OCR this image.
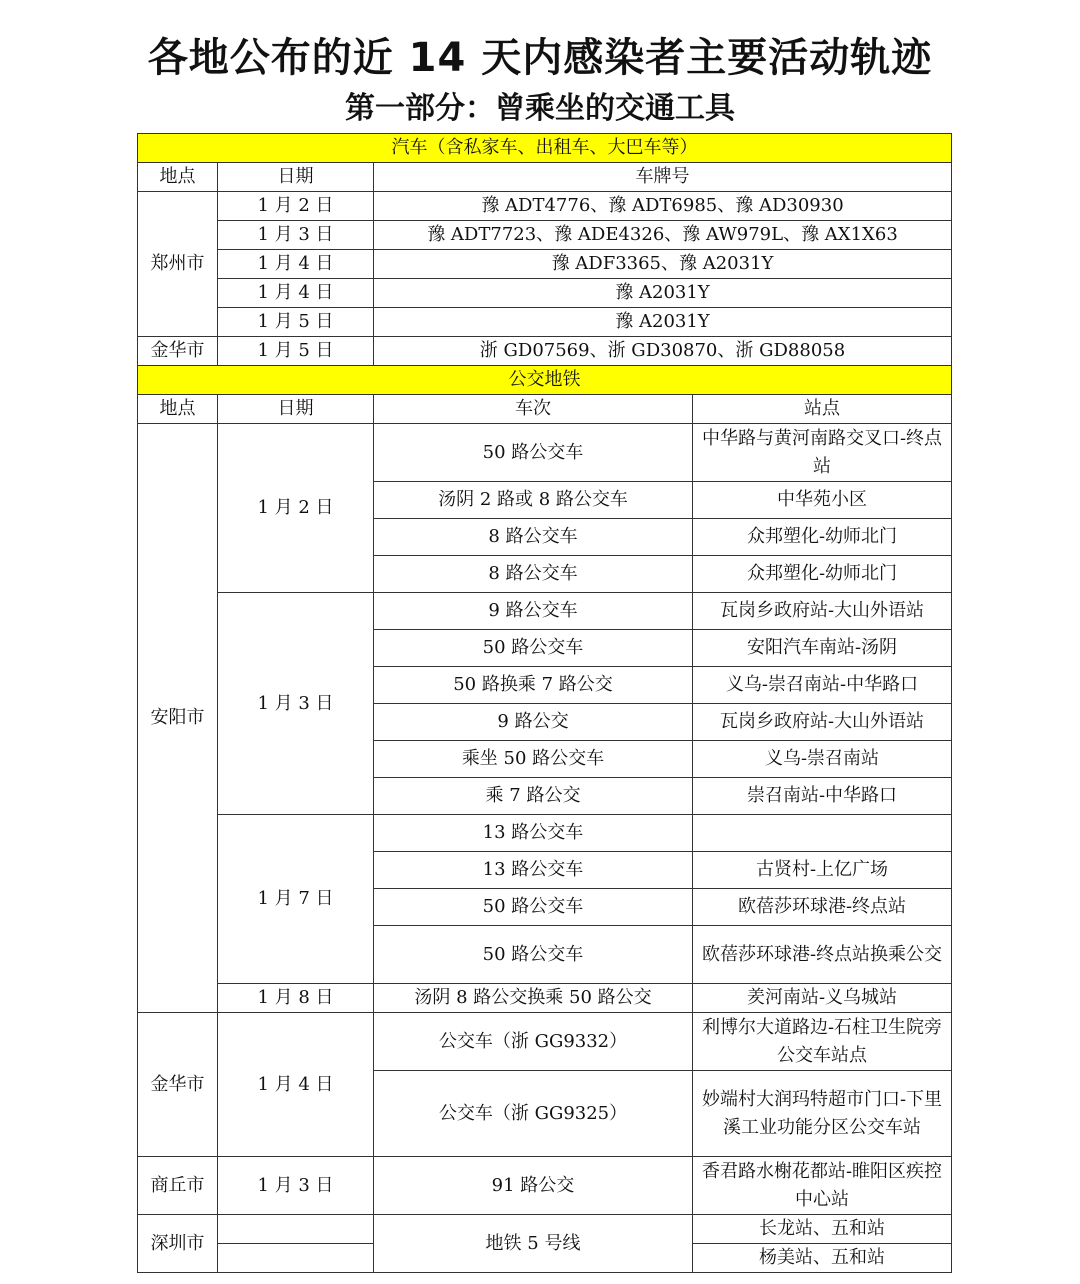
各地公布的近 14 天内感染者主要活动轨迹
第一部分：曾乘坐的交通工具
汽车（含私家车、出租车、大巴车等）			
地点	日期	车牌号	
郑州市	1 月 2 日	豫 ADT4776、豫 ADT6985、豫 AD30930	
	1 月 3 日	豫 ADT7723、豫 ADE4326、豫 AW979L、豫 AX1X63	
	1 月 4 日	豫 ADF3365、豫 A2031Y	
	1 月 4 日	豫 A2031Y	
	1 月 5 日	豫 A2031Y	
金华市	1 月 5 日	浙 GD07569、浙 GD30870、浙 GD88058	
公交地铁			
地点	日期	车次	站点
安阳市	1 月 2 日	50 路公交车	中华路与黄河南路交叉口-终点站
		汤阴 2 路或 8 路公交车	中华苑小区
		8 路公交车	众邦塑化-幼师北门
		8 路公交车	众邦塑化-幼师北门
	1 月 3 日	9 路公交车	瓦岗乡政府站-大山外语站
		50 路公交车	安阳汽车南站-汤阴
		50 路换乘 7 路公交	义乌-崇召南站-中华路口
		9 路公交	瓦岗乡政府站-大山外语站
		乘坐 50 路公交车	义乌-崇召南站
		乘 7 路公交	崇召南站-中华路口
	1 月 7 日	13 路公交车	
		13 路公交车	古贤村-上亿广场
		50 路公交车	欧蓓莎环球港-终点站
		50 路公交车	欧蓓莎环球港-终点站换乘公交
	1 月 8 日	汤阴 8 路公交换乘 50 路公交	羑河南站-义乌城站
金华市	1 月 4 日	公交车（浙 GG9332）	利博尔大道路边-石柱卫生院旁公交车站点
		公交车（浙 GG9325）	妙端村大润玛特超市门口-下里溪工业功能分区公交车站
商丘市	1 月 3 日	91 路公交	香君路水榭花都站-睢阳区疾控中心站
深圳市		地铁 5 号线	长龙站、五和站
			杨美站、五和站
